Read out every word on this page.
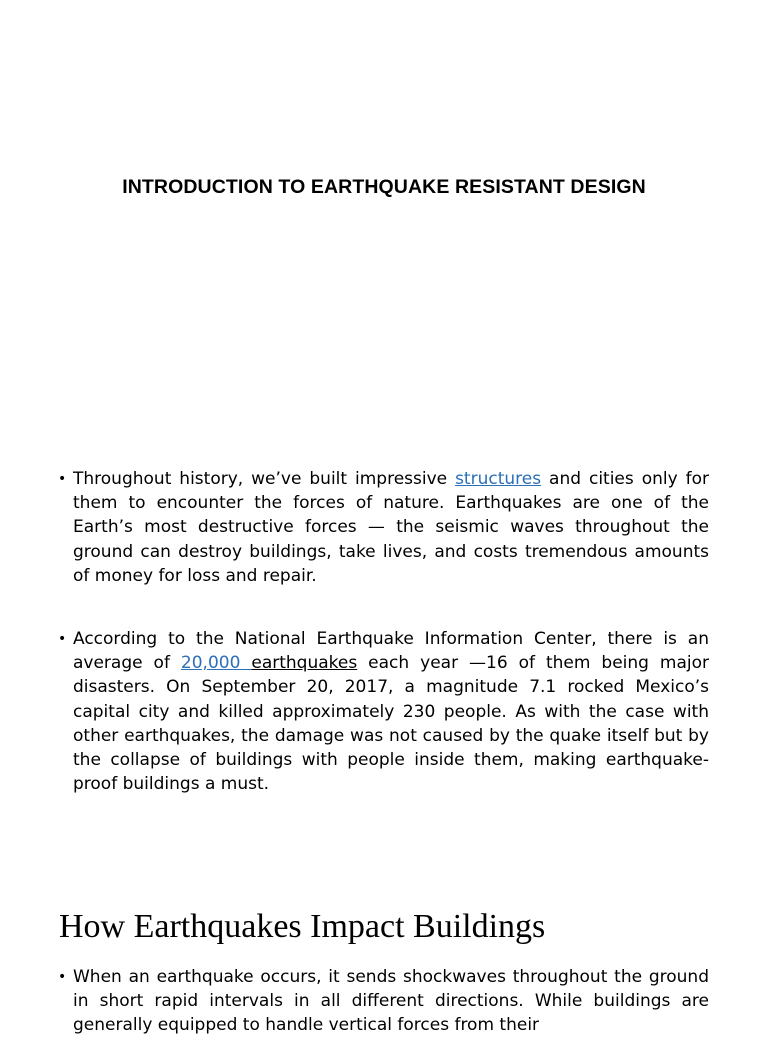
INTRODUCTION TO EARTHQUAKE RESISTANT DESIGN
• Throughout history, we’ve built impressive structures and cities only for them to encounter the forces of nature. Earthquakes are one of the Earth’s most destructive forces — the seismic waves throughout the ground can destroy buildings, take lives, and costs tremendous amounts of money for loss and repair.
• According to the National Earthquake Information Center, there is an average of 20,000 earthquakes each year —16 of them being major disasters. On September 20, 2017, a magnitude 7.1 rocked Mexico’s capital city and killed approximately 230 people. As with the case with other earthquakes, the damage was not caused by the quake itself but by the collapse of buildings with people inside them, making earthquake-proof buildings a must.
How Earthquakes Impact Buildings
• When an earthquake occurs, it sends shockwaves throughout the ground in short rapid intervals in all different directions. While buildings are generally equipped to handle vertical forces from their
